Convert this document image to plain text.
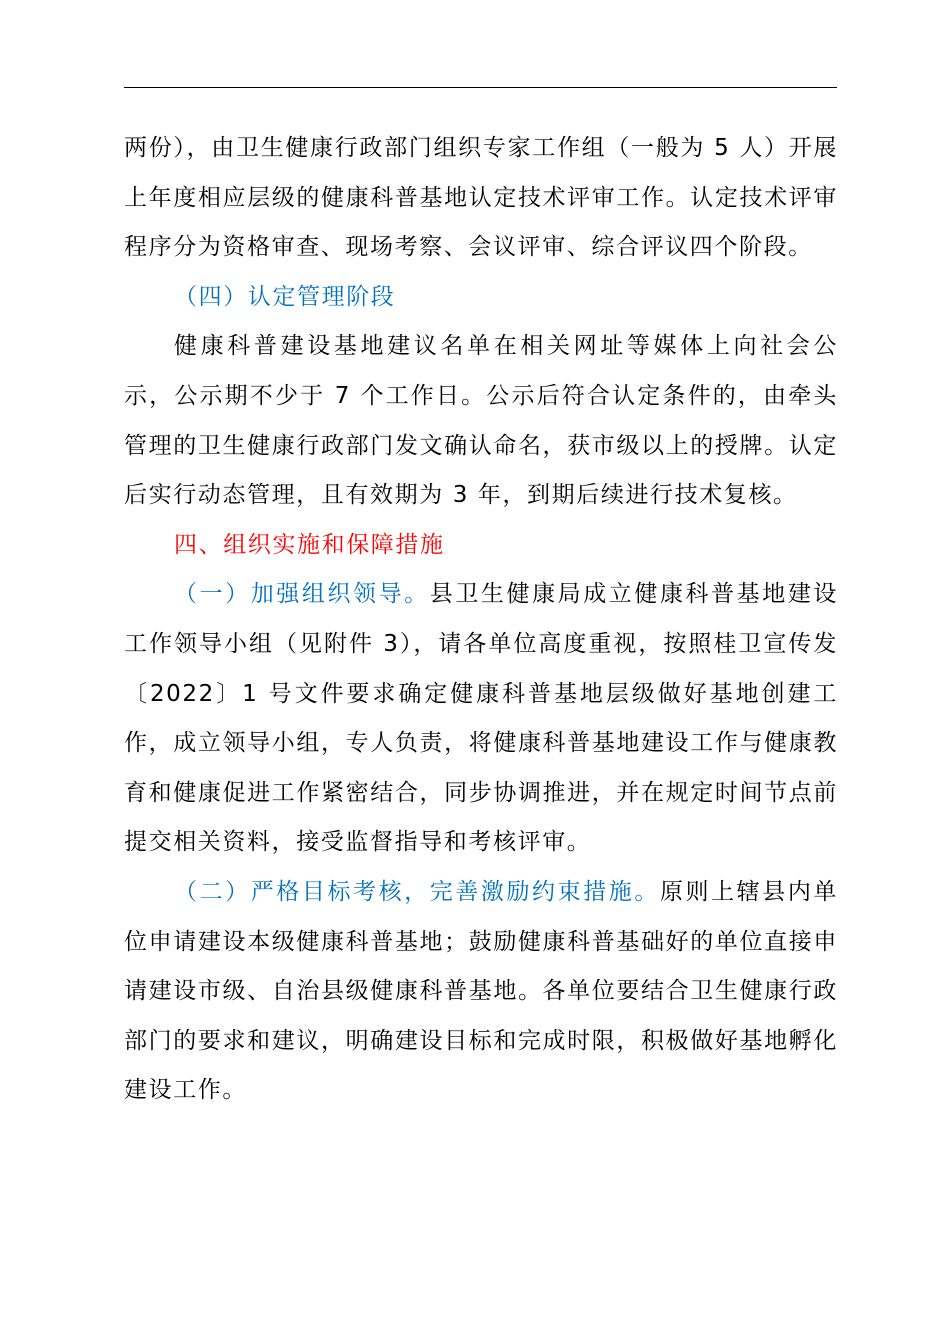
两份），由卫生健康行政部门组织专家工作组（一般为 5 人）开展上年度相应层级的健康科普基地认定技术评审工作。认定技术评审程序分为资格审查、现场考察、会议评审、综合评议四个阶段。

（四）认定管理阶段

健康科普建设基地建议名单在相关网址等媒体上向社会公示，公示期不少于 7 个工作日。公示后符合认定条件的，由牵头管理的卫生健康行政部门发文确认命名，获市级以上的授牌。认定后实行动态管理，且有效期为 3 年，到期后续进行技术复核。

四、组织实施和保障措施

（一）加强组织领导。县卫生健康局成立健康科普基地建设工作领导小组（见附件 3），请各单位高度重视，按照桂卫宣传发〔2022〕1 号文件要求确定健康科普基地层级做好基地创建工作，成立领导小组，专人负责，将健康科普基地建设工作与健康教育和健康促进工作紧密结合，同步协调推进，并在规定时间节点前提交相关资料，接受监督指导和考核评审。

（二）严格目标考核，完善激励约束措施。原则上辖县内单位申请建设本级健康科普基地；鼓励健康科普基础好的单位直接申请建设市级、自治县级健康科普基地。各单位要结合卫生健康行政部门的要求和建议，明确建设目标和完成时限，积极做好基地孵化建设工作。
